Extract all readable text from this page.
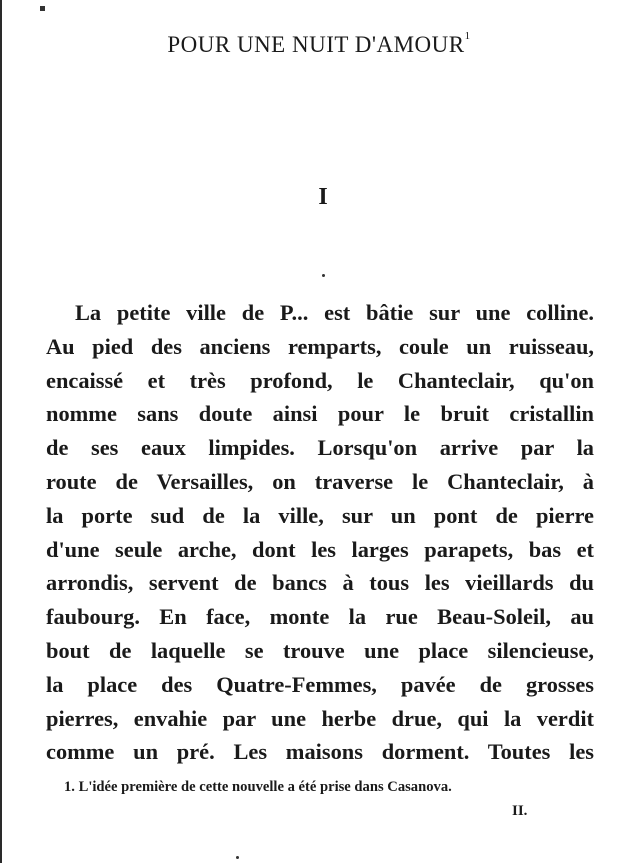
POUR UNE NUIT D'AMOUR$^1$
I
La petite ville de P... est bâtie sur une colline.
Au pied des anciens remparts, coule un ruisseau,
encaissé et très profond, le Chanteclair, qu'on
nomme sans doute ainsi pour le bruit cristallin
de ses eaux limpides. Lorsqu'on arrive par la
route de Versailles, on traverse le Chanteclair, à
la porte sud de la ville, sur un pont de pierre
d'une seule arche, dont les larges parapets, bas et
arrondis, servent de bancs à tous les vieillards du
faubourg. En face, monte la rue Beau-Soleil, au
bout de laquelle se trouve une place silencieuse,
la place des Quatre-Femmes, pavée de grosses
pierres, envahie par une herbe drue, qui la verdit
comme un pré. Les maisons dorment. Toutes les
1. L'idée première de cette nouvelle a été prise dans Casanova.
II.
